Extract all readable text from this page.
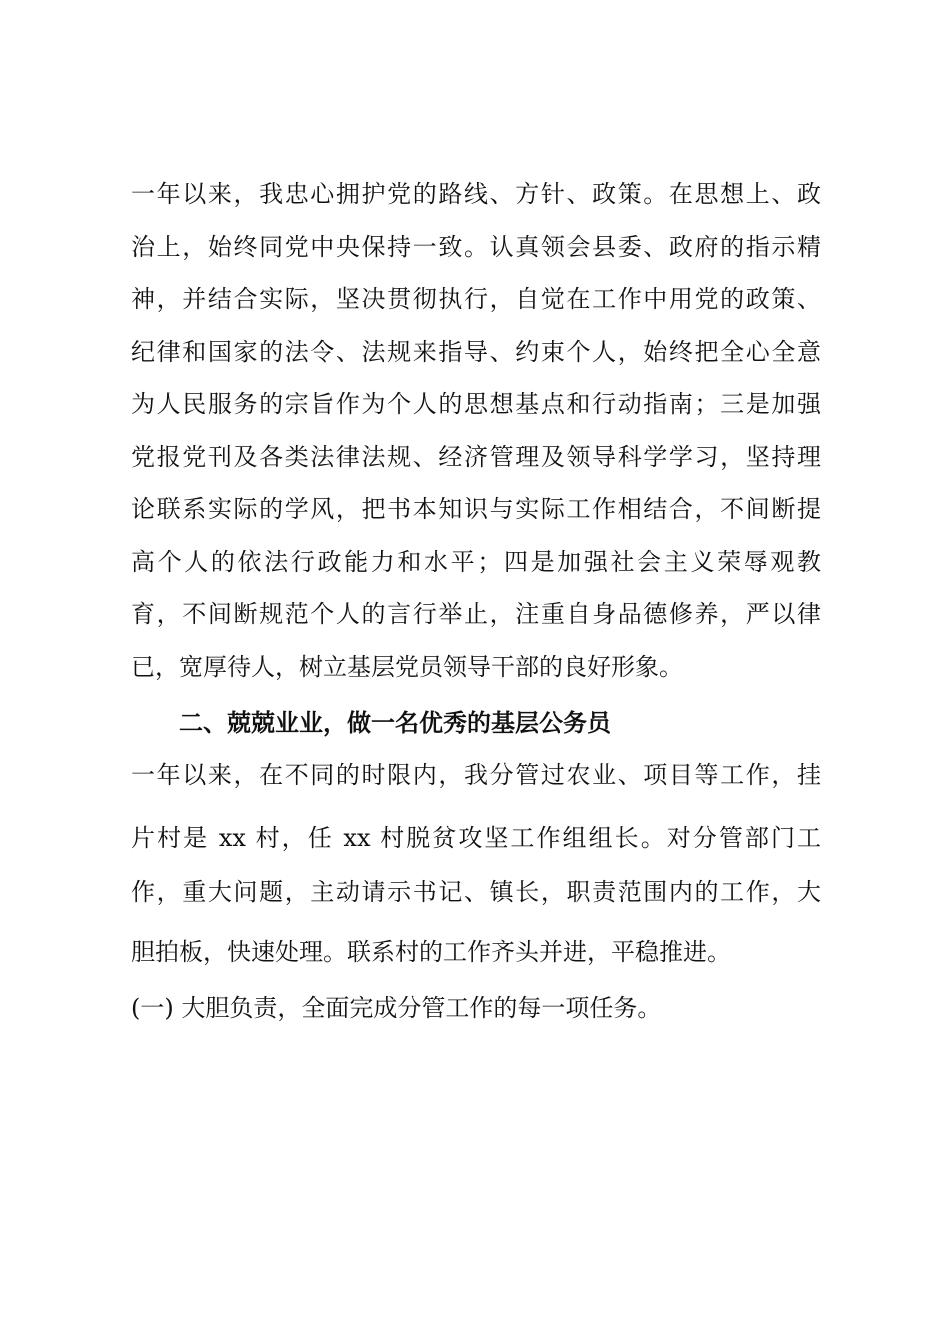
一年以来，我忠心拥护党的路线、方针、政策。在思想上、政
治上，始终同党中央保持一致。认真领会县委、政府的指示精
神，并结合实际，坚决贯彻执行，自觉在工作中用党的政策、
纪律和国家的法令、法规来指导、约束个人，始终把全心全意
为人民服务的宗旨作为个人的思想基点和行动指南；三是加强
党报党刊及各类法律法规、经济管理及领导科学学习，坚持理
论联系实际的学风，把书本知识与实际工作相结合，不间断提
高个人的依法行政能力和水平；四是加强社会主义荣辱观教
育，不间断规范个人的言行举止，注重自身品德修养，严以律
已，宽厚待人，树立基层党员领导干部的良好形象。
二、兢兢业业，做一名优秀的基层公务员
一年以来，在不同的时限内，我分管过农业、项目等工作，挂
片村是 xx 村，任 xx 村脱贫攻坚工作组组长。对分管部门工
作，重大问题，主动请示书记、镇长，职责范围内的工作，大
胆拍板，快速处理。联系村的工作齐头并进，平稳推进。
(一) 大胆负责，全面完成分管工作的每一项任务。
